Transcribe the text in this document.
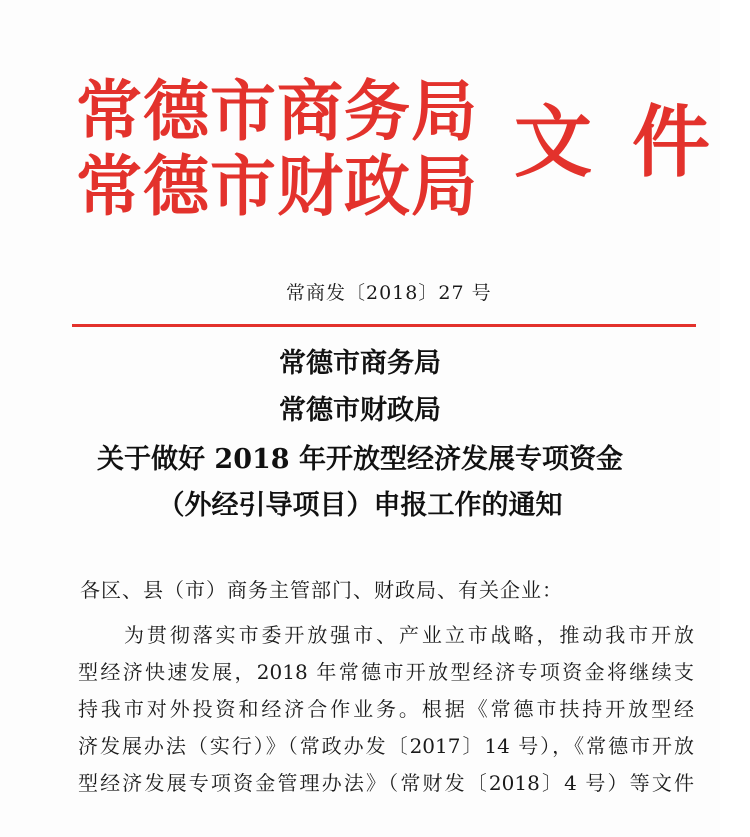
常德市商务局
常德市财政局 文件
常商发〔2018〕27 号
常德市商务局
常德市财政局
关于做好 2018 年开放型经济发展专项资金
（外经引导项目）申报工作的通知
各区、县（市）商务主管部门、财政局、有关企业：
为贯彻落实市委开放强市、产业立市战略，推动我市开放
型经济快速发展，2018 年常德市开放型经济专项资金将继续支
持我市对外投资和经济合作业务。根据《常德市扶持开放型经
济发展办法（实行）》（常政办发〔2017〕14 号），《常德市开放
型经济发展专项资金管理办法》（常财发〔2018〕4 号）等文件
